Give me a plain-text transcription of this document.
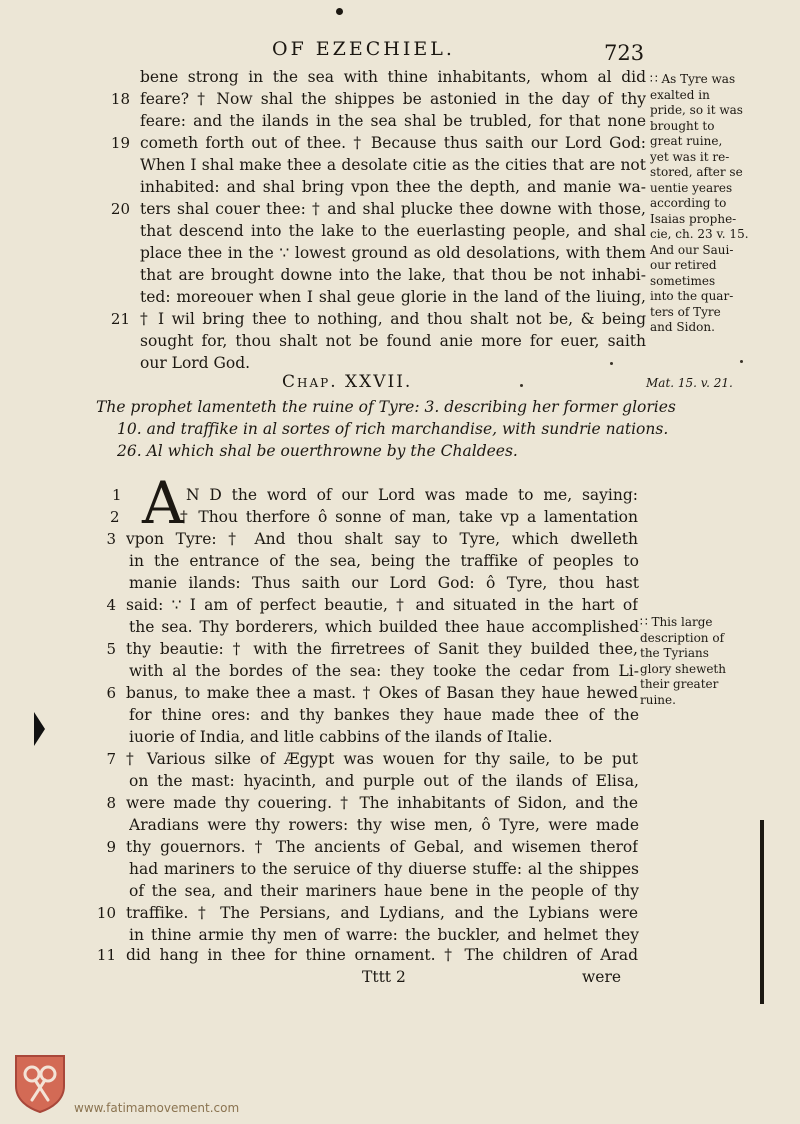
OF EZECHIEL.	723
bene strong in the sea with thine inhabitants, whom al did
18 feare? † Now shal the shippes be astonied in the day of thy
feare: and the ilands in the sea shal be trubled, for that none
19 cometh forth out of thee. † Because thus saith our Lord God:
When I shal make thee a desolate citie as the cities that are not
inhabited: and shal bring vpon thee the depth, and manie wa-
20 ters shal couer thee: † and shal plucke thee downe with those,
that descend into the lake to the euerlasting people, and shal
place thee in the ∵ lowest ground as old desolations, with them
that are brought downe into the lake, that thou be not inhabi-
ted: moreouer when I shal geue glorie in the land of the liuing,
21 † I wil bring thee to nothing, and thou shalt not be, & being
sought for, thou shalt not be found anie more for euer, saith
our Lord God.
∷ As Tyre was
exalted in
pride, so it was
brought to
great ruine,
yet was it re-
stored, after se
uentie yeares
according to
Isaias prophe-
cie, ch. 23 v. 15.
And our Saui-
our retired
sometimes
into the quar-
ters of Tyre
and Sidon.
Chap. XXVII.	Mat. 15. v. 21.
The prophet lamenteth the ruine of Tyre: 3. describing her former glories
10. and traffike in al sortes of rich marchandise, with sundrie nations.
26. Al which shal be ouerthrowne by the Chaldees.
A
1	N D the word of our Lord was made to me, saying:
2	† Thou therfore ô sonne of man, take vp a lamentation
3 vpon Tyre: † And thou shalt say to Tyre, which dwelleth
in the entrance of the sea, being the traffike of peoples to
manie ilands: Thus saith our Lord God: ô Tyre, thou hast
4 said: ∵ I am of perfect beautie, † and situated in the hart of
the sea. Thy borderers, which builded thee haue accomplished
5 thy beautie: † with the firretrees of Sanit they builded thee,
with al the bordes of the sea: they tooke the cedar from Li-
6 banus, to make thee a mast. † Okes of Basan they haue hewed
for thine ores: and thy bankes they haue made thee of the
iuorie of India, and litle cabbins of the ilands of Italie.
7 † Various silke of Ægypt was wouen for thy saile, to be put
on the mast: hyacinth, and purple out of the ilands of Elisa,
8 were made thy couering. † The inhabitants of Sidon, and the
Aradians were thy rowers: thy wise men, ô Tyre, were made
9 thy gouernors. † The ancients of Gebal, and wisemen therof
had mariners to the seruice of thy diuerse stuffe: al the shippes
of the sea, and their mariners haue bene in the people of thy
10 traffike. † The Persians, and Lydians, and the Lybians were
in thine armie thy men of warre: the buckler, and helmet they
11 did hang in thee for thine ornament. † The children of Arad
∷ This large
description of
the Tyrians
glory sheweth
their greater
ruine.
Tttt 2	were
www.fatimamovement.com
